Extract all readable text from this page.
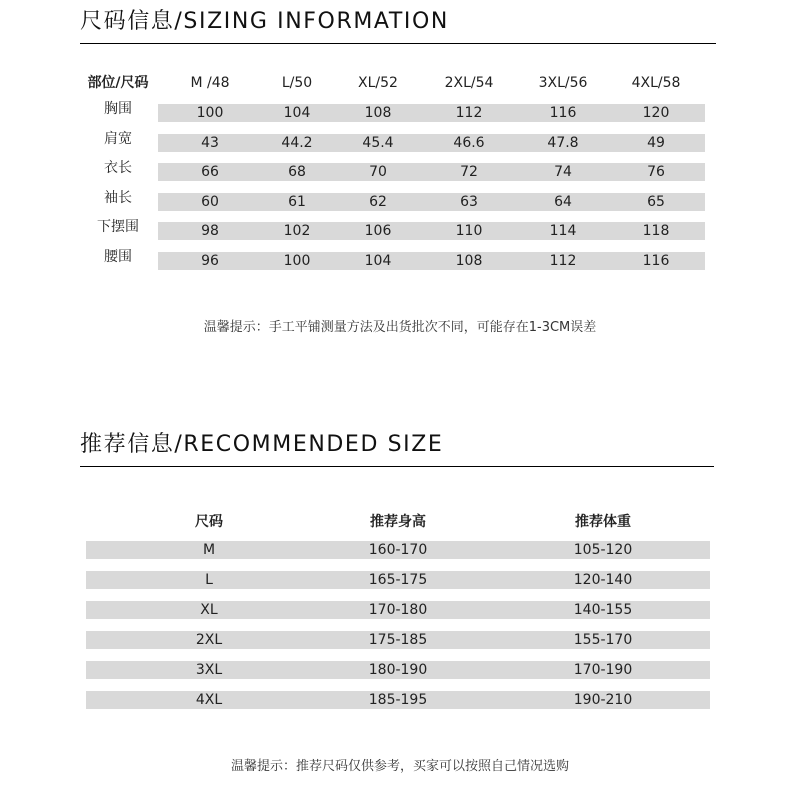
尺码信息/SIZING INFORMATION
部位/尺码	M /48	L/50	XL/52	2XL/54	3XL/56	4XL/58
胸围	100	104	108	112	116	120
肩宽	43	44.2	45.4	46.6	47.8	49
衣长	66	68	70	72	74	76
袖长	60	61	62	63	64	65
下摆围	98	102	106	110	114	118
腰围	96	100	104	108	112	116
温馨提示：手工平铺测量方法及出货批次不同，可能存在1-3CM误差
推荐信息/RECOMMENDED SIZE
尺码	推荐身高	推荐体重
M	160-170	105-120
L	165-175	120-140
XL	170-180	140-155
2XL	175-185	155-170
3XL	180-190	170-190
4XL	185-195	190-210
温馨提示：推荐尺码仅供参考，买家可以按照自己情况选购
